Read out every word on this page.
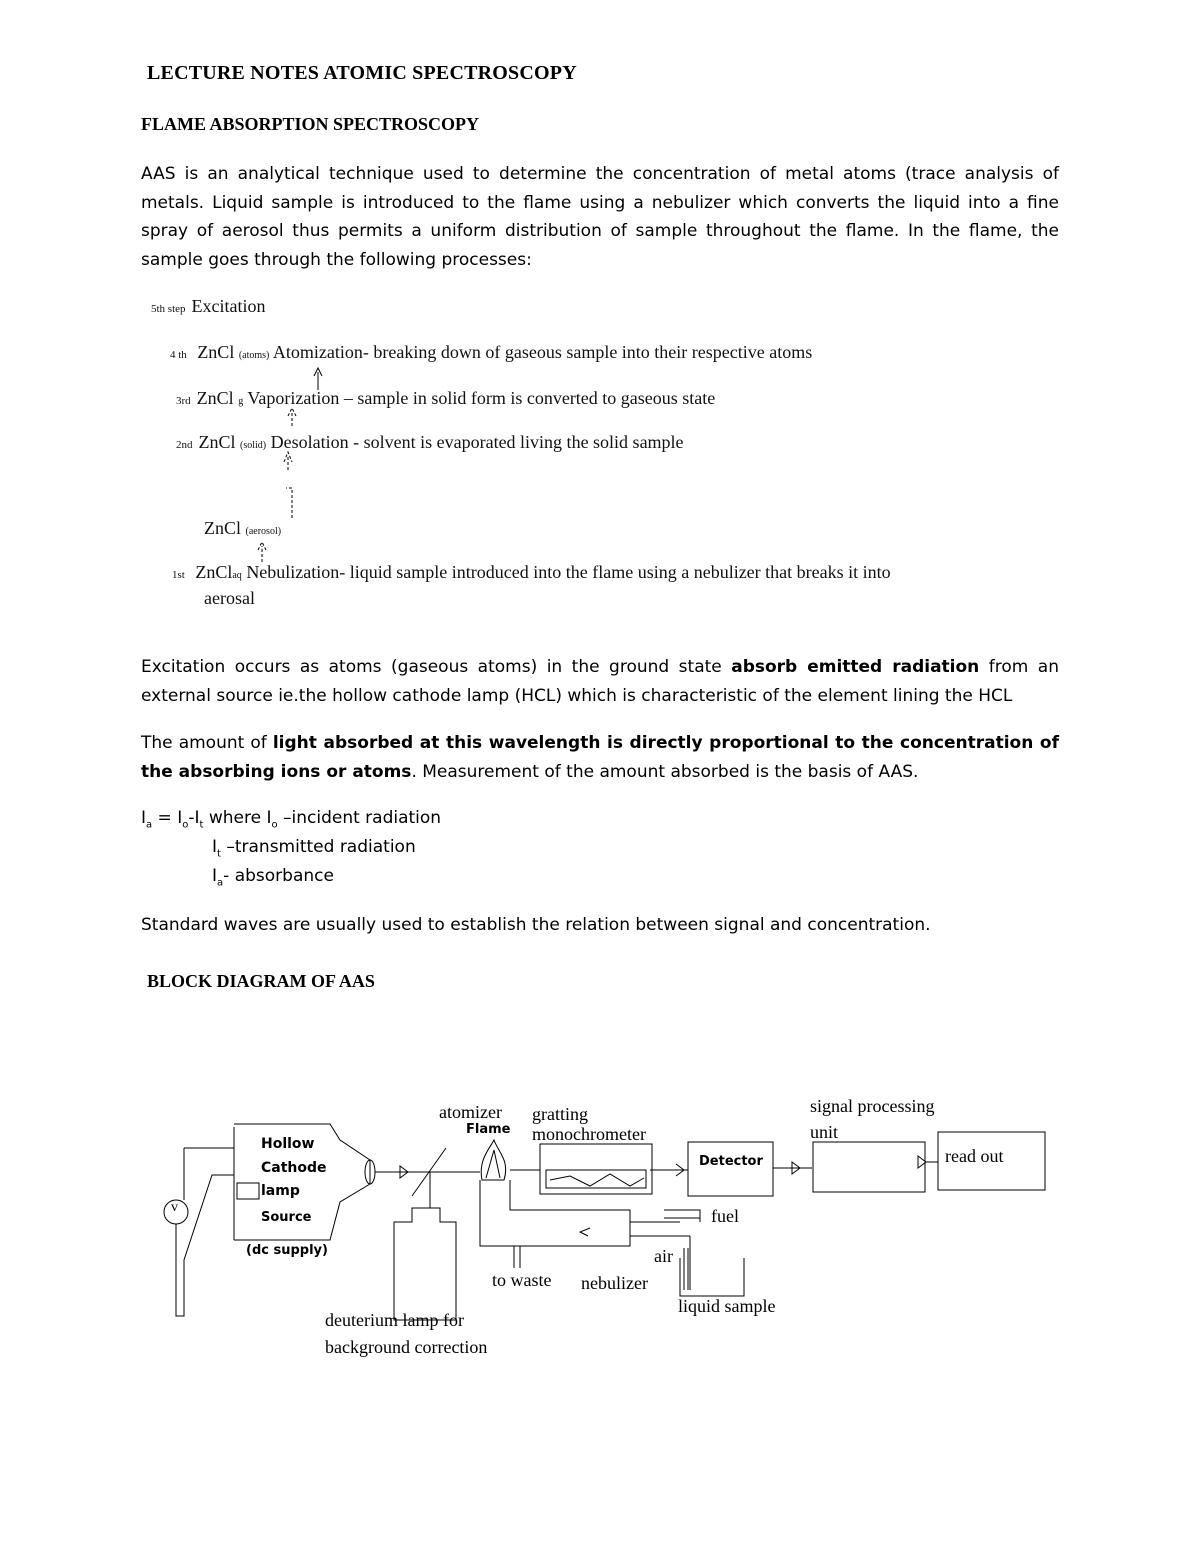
LECTURE NOTES ATOMIC SPECTROSCOPY
FLAME ABSORPTION SPECTROSCOPY
AAS is an analytical technique used to determine the concentration of metal atoms (trace analysis of metals. Liquid sample is introduced to the flame using a nebulizer which converts the liquid into a fine spray of aerosol thus permits a uniform distribution of sample throughout the flame. In the flame, the sample goes through the following processes:
5th step Excitation
4 th ZnCl (atoms) Atomization- breaking down of gaseous sample into their respective atoms
3rd ZnCl g Vaporization – sample in solid form is converted to gaseous state
2nd ZnCl (solid) Desolation - solvent is evaporated living the solid sample
ZnCl (aerosol)
1st ZnClaq Nebulization- liquid sample introduced into the flame using a nebulizer that breaks it into
aerosal
Excitation occurs as atoms (gaseous atoms) in the ground state absorb emitted radiation from an external source ie.the hollow cathode lamp (HCL) which is characteristic of the element lining the HCL
The amount of light absorbed at this wavelength is directly proportional to the concentration of the absorbing ions or atoms. Measurement of the amount absorbed is the basis of AAS.
$I_a = I_o-I_t$ where $I_o$ –incident radiation
$I_t$ –transmitted radiation
$I_a-$ absorbance
Standard waves are usually used to establish the relation between signal and concentration.
BLOCK DIAGRAM OF AAS
Hollow
Cathode
lamp
Source
(dc supply)
v
atomizer
Flame
gratting
monochrometer
Detector
signal processing
unit
read out
fuel
air
to waste nebulizer
liquid sample
deuterium lamp for
background correction
